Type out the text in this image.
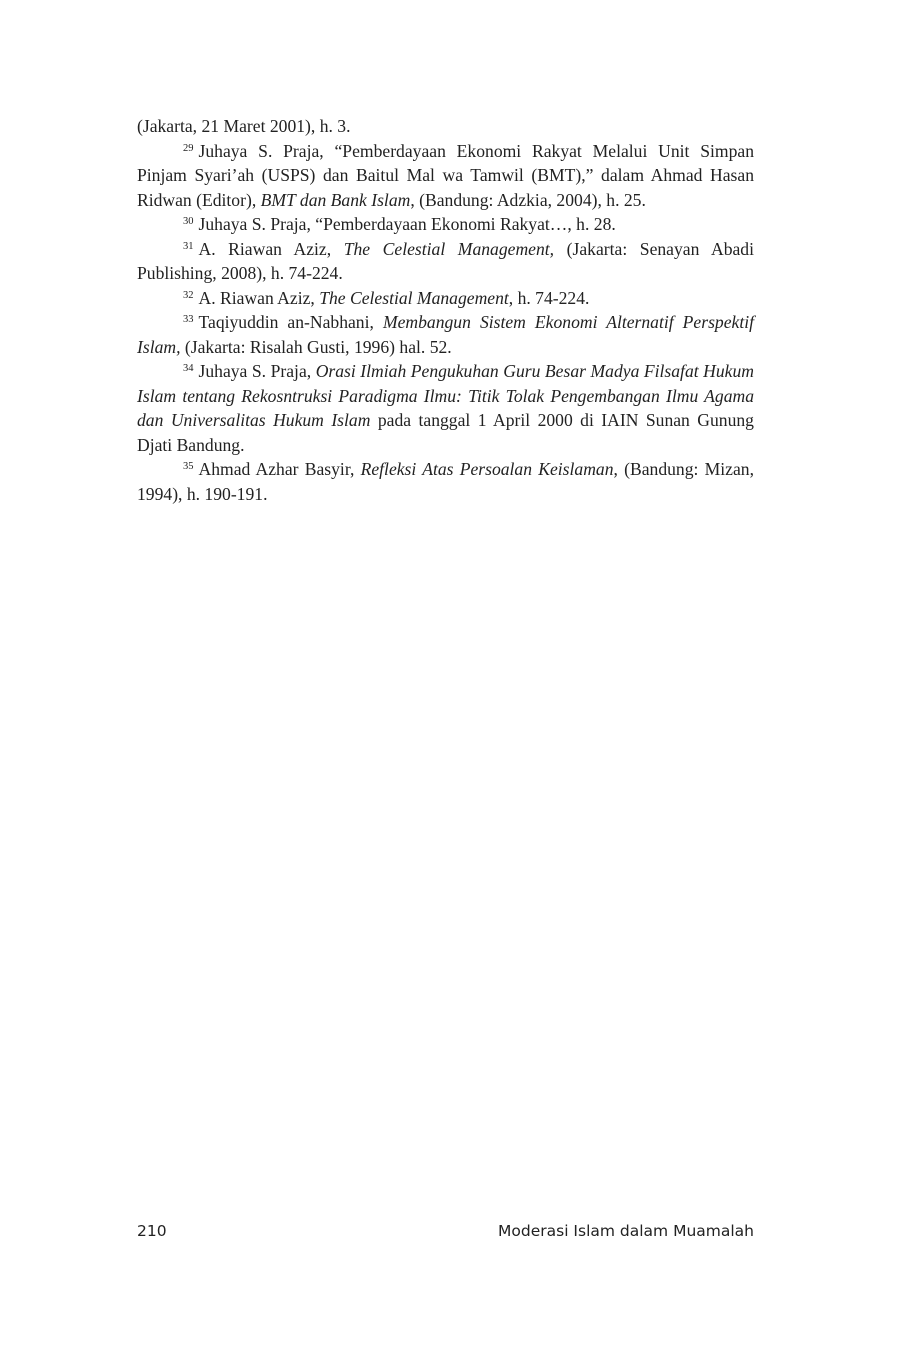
(Jakarta, 21 Maret 2001), h. 3.

$^{29}$ Juhaya S. Praja, “Pemberdayaan Ekonomi Rakyat Melalui Unit Simpan Pinjam Syari’ah (USPS) dan Baitul Mal wa Tamwil (BMT),” dalam Ahmad Hasan Ridwan (Editor), BMT dan Bank Islam, (Bandung: Adzkia, 2004), h. 25.

$^{30}$ Juhaya S. Praja, “Pemberdayaan Ekonomi Rakyat…, h. 28.

$^{31}$ A. Riawan Aziz, The Celestial Management, (Jakarta: Senayan Abadi Publishing, 2008), h. 74-224.

$^{32}$ A. Riawan Aziz, The Celestial Management, h. 74-224.

$^{33}$ Taqiyuddin an-Nabhani, Membangun Sistem Ekonomi Alternatif Perspektif Islam, (Jakarta: Risalah Gusti, 1996) hal. 52.

$^{34}$ Juhaya S. Praja, Orasi Ilmiah Pengukuhan Guru Besar Madya Filsafat Hukum Islam tentang Rekosntruksi Paradigma Ilmu: Titik Tolak Pengembangan Ilmu Agama dan Universalitas Hukum Islam pada tanggal 1 April 2000 di IAIN Sunan Gunung Djati Bandung.

$^{35}$ Ahmad Azhar Basyir, Refleksi Atas Persoalan Keislaman, (Bandung: Mizan, 1994), h. 190-191.

210	Moderasi Islam dalam Muamalah
